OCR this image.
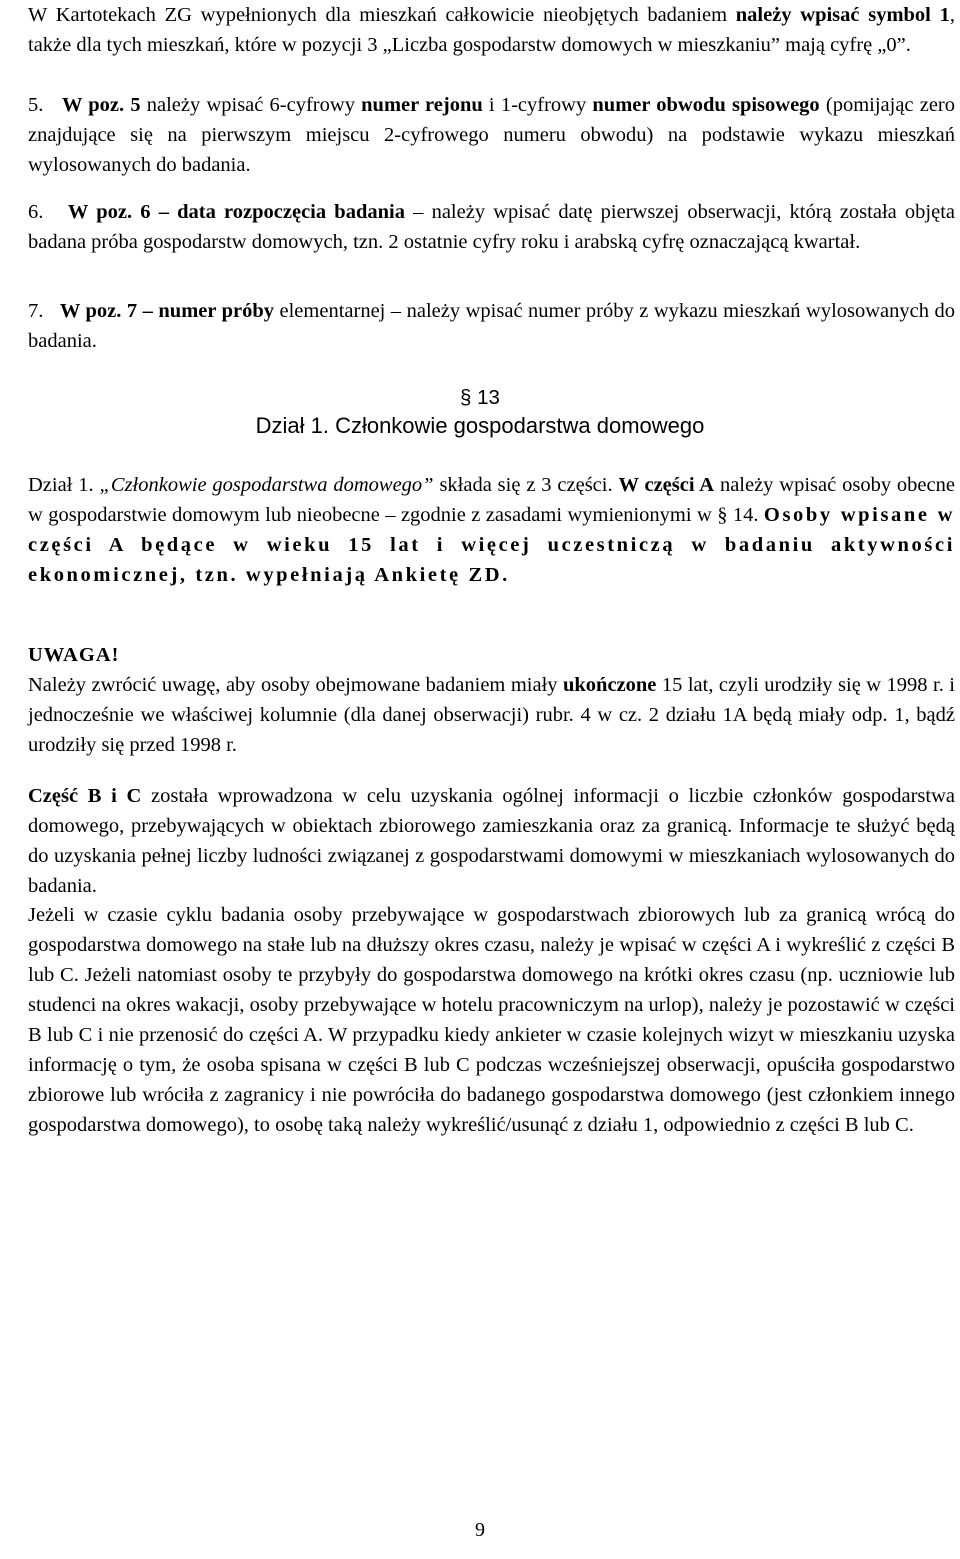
W Kartotekach ZG wypełnionych dla mieszkań całkowicie nieobjętych badaniem należy wpisać symbol 1, także dla tych mieszkań, które w pozycji 3 „Liczba gospodarstw domowych w mieszkaniu” mają cyfrę „0”.

5. W poz. 5 należy wpisać 6-cyfrowy numer rejonu i 1-cyfrowy numer obwodu spisowego (pomijając zero znajdujące się na pierwszym miejscu 2-cyfrowego numeru obwodu) na podstawie wykazu mieszkań wylosowanych do badania.

6. W poz. 6 – data rozpoczęcia badania – należy wpisać datę pierwszej obserwacji, którą została objęta badana próba gospodarstw domowych, tzn. 2 ostatnie cyfry roku i arabską cyfrę oznaczającą kwartał.

7. W poz. 7 – numer próby elementarnej – należy wpisać numer próby z wykazu mieszkań wylosowanych do badania.

§ 13
Dział 1. Członkowie gospodarstwa domowego

Dział 1. „Członkowie gospodarstwa domowego” składa się z 3 części. W części A należy wpisać osoby obecne w gospodarstwie domowym lub nieobecne – zgodnie z zasadami wymienionymi w § 14. Osoby wpisane w części A będące w wieku 15 lat i więcej uczestniczą w badaniu aktywności ekonomicznej, tzn. wypełniają Ankietę ZD.

UWAGA!
Należy zwrócić uwagę, aby osoby obejmowane badaniem miały ukończone 15 lat, czyli urodziły się w 1998 r. i jednocześnie we właściwej kolumnie (dla danej obserwacji) rubr. 4 w cz. 2 działu 1A będą miały odp. 1, bądź urodziły się przed 1998 r.

Część B i C została wprowadzona w celu uzyskania ogólnej informacji o liczbie członków gospodarstwa domowego, przebywających w obiektach zbiorowego zamieszkania oraz za granicą. Informacje te służyć będą do uzyskania pełnej liczby ludności związanej z gospodarstwami domowymi w mieszkaniach wylosowanych do badania.

Jeżeli w czasie cyklu badania osoby przebywające w gospodarstwach zbiorowych lub za granicą wrócą do gospodarstwa domowego na stałe lub na dłuższy okres czasu, należy je wpisać w części A i wykreślić z części B lub C. Jeżeli natomiast osoby te przybyły do gospodarstwa domowego na krótki okres czasu (np. uczniowie lub studenci na okres wakacji, osoby przebywające w hotelu pracowniczym na urlop), należy je pozostawić w części B lub C i nie przenosić do części A. W przypadku kiedy ankieter w czasie kolejnych wizyt w mieszkaniu uzyska informację o tym, że osoba spisana w części B lub C podczas wcześniejszej obserwacji, opuściła gospodarstwo zbiorowe lub wróciła z zagranicy i nie powróciła do badanego gospodarstwa domowego (jest członkiem innego gospodarstwa domowego), to osobę taką należy wykreślić/usunąć z działu 1, odpowiednio z części B lub C.

9
